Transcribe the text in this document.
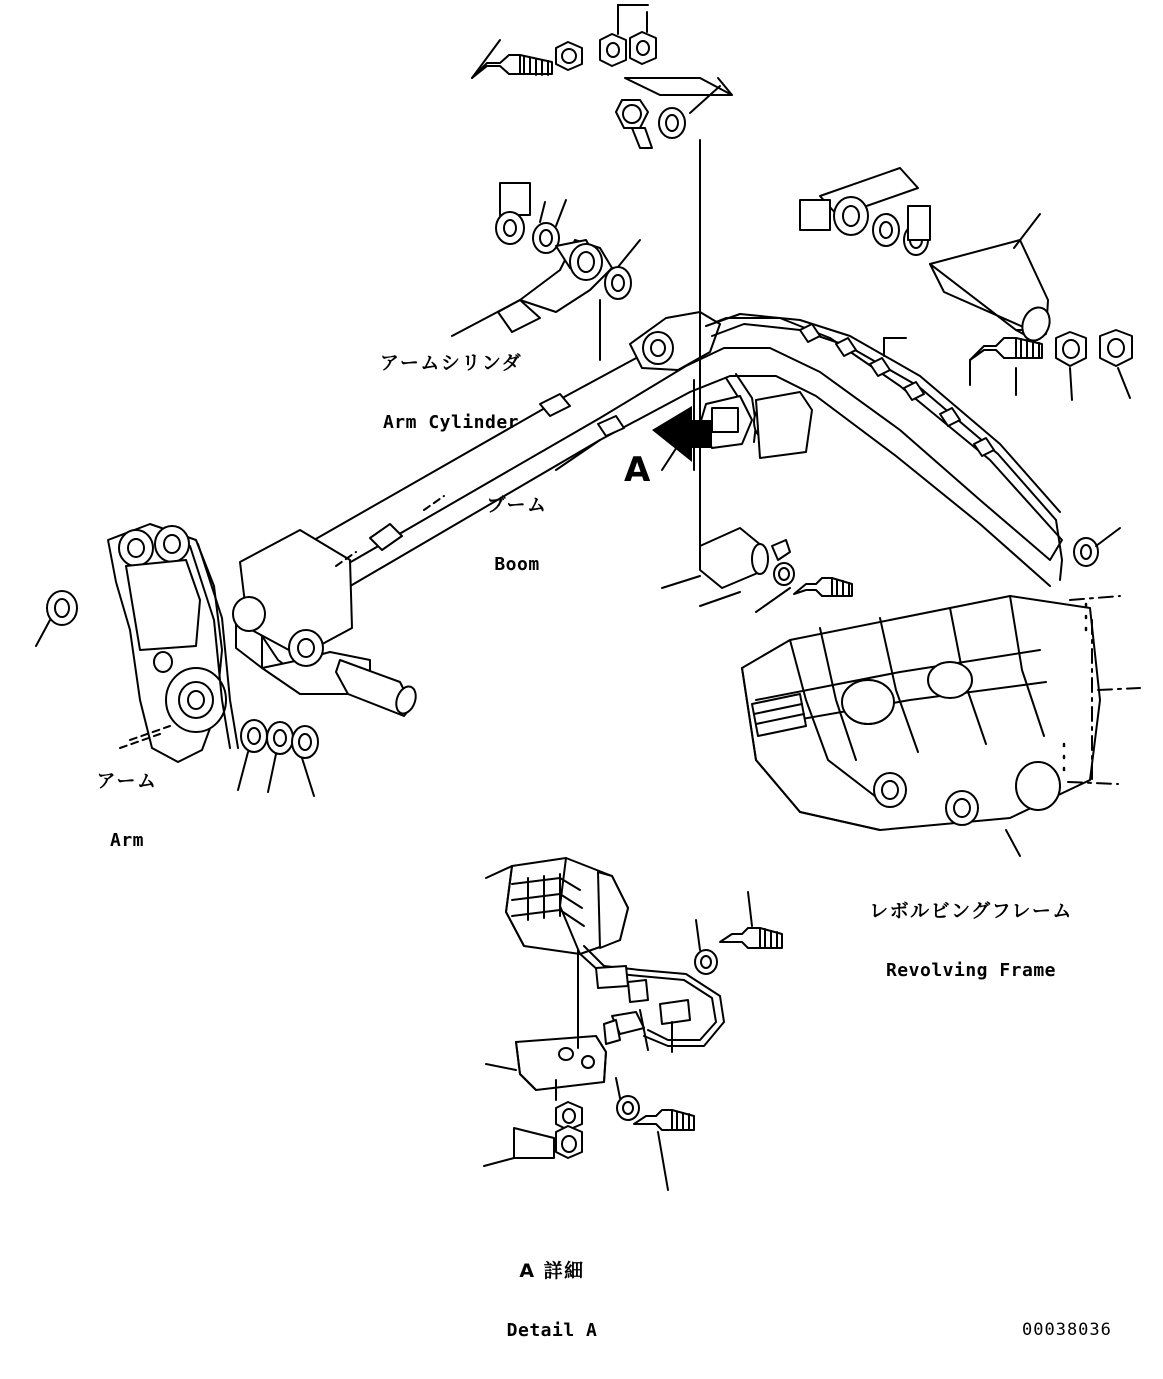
アームシリンダ

Arm Cylinder

ブーム

Boom

アーム

Arm

レボルビングフレーム

Revolving Frame

A 詳細

Detail A

A
00038036
